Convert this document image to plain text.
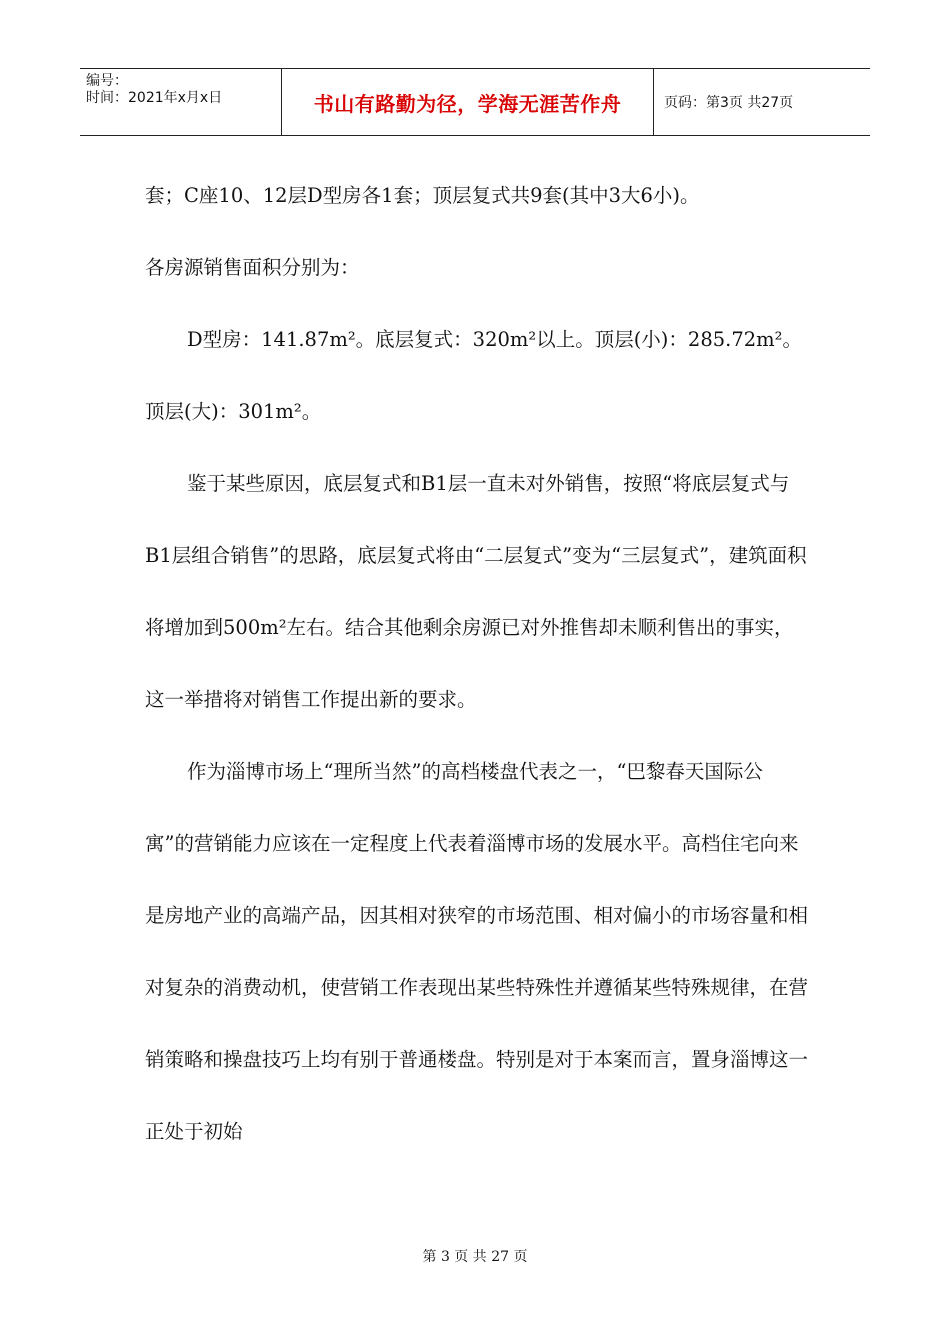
编号：
时间：2021年x月x日	书山有路勤为径，学海无涯苦作舟	页码：第3页 共27页

套；C座10、12层D型房各1套；顶层复式共9套(其中3大6小)。

各房源销售面积分别为：

D型房：141.87m²。底层复式：320m²以上。顶层(小)：285.72m²。顶层(大)：301m²。

鉴于某些原因，底层复式和B1层一直未对外销售，按照“将底层复式与B1层组合销售”的思路，底层复式将由“二层复式”变为“三层复式”，建筑面积将增加到500m²左右。结合其他剩余房源已对外推售却未顺利售出的事实，这一举措将对销售工作提出新的要求。

作为淄博市场上“理所当然”的高档楼盘代表之一，“巴黎春天国际公寓”的营销能力应该在一定程度上代表着淄博市场的发展水平。高档住宅向来是房地产业的高端产品，因其相对狭窄的市场范围、相对偏小的市场容量和相对复杂的消费动机，使营销工作表现出某些特殊性并遵循某些特殊规律，在营销策略和操盘技巧上均有别于普通楼盘。特别是对于本案而言，置身淄博这一正处于初始

第 3 页 共 27 页
